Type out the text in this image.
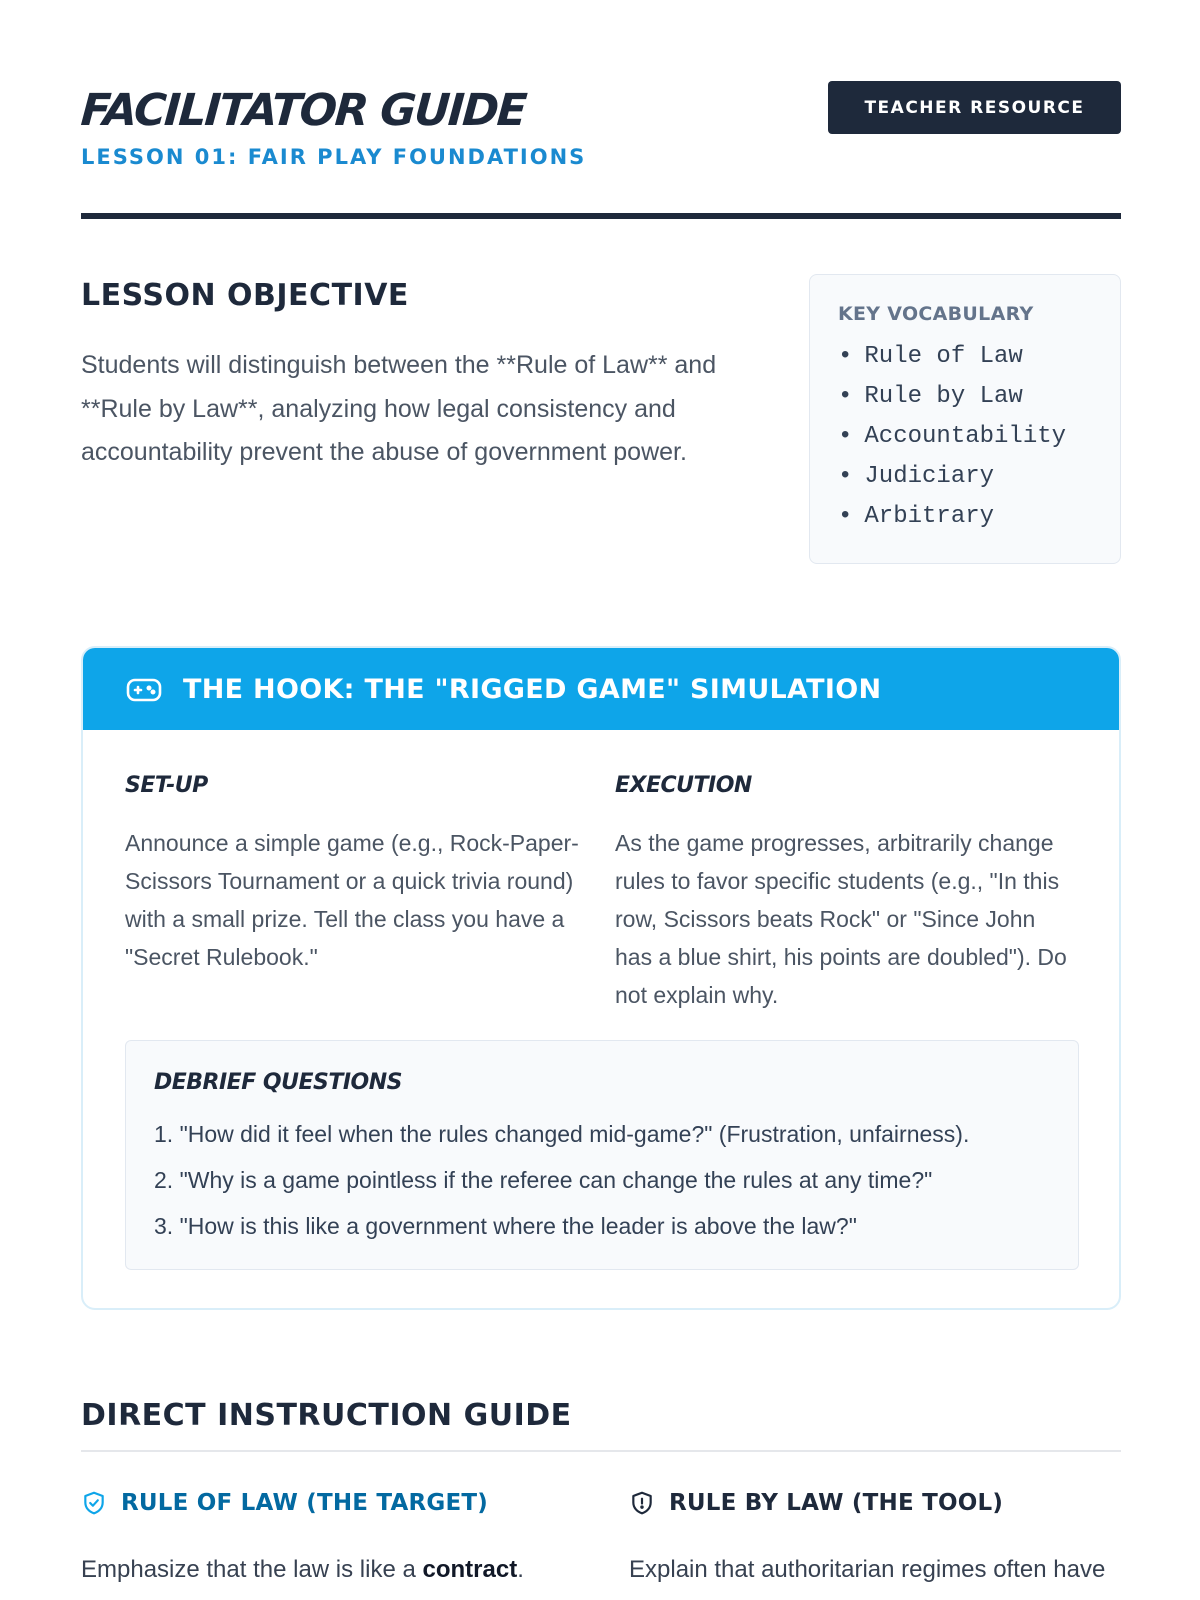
FACILITATOR GUIDE
LESSON 01: FAIR PLAY FOUNDATIONS
TEACHER RESOURCE
LESSON OBJECTIVE

Students will distinguish between the **Rule of Law** and **Rule by Law**, analyzing how legal consistency and accountability prevent the abuse of government power.

KEY VOCABULARY
• Rule of Law
• Rule by Law
• Accountability
• Judiciary
• Arbitrary
THE HOOK: THE "RIGGED GAME" SIMULATION
SET-UP

Announce a simple game (e.g., Rock-Paper-Scissors Tournament or a quick trivia round) with a small prize. Tell the class you have a "Secret Rulebook."

EXECUTION

As the game progresses, arbitrarily change rules to favor specific students (e.g., "In this row, Scissors beats Rock" or "Since John has a blue shirt, his points are doubled"). Do not explain why.

DEBRIEF QUESTIONS
1. "How did it feel when the rules changed mid-game?" (Frustration, unfairness).
2. "Why is a game pointless if the referee can change the rules at any time?"
3. "How is this like a government where the leader is above the law?"
DIRECT INSTRUCTION GUIDE
RULE OF LAW (THE TARGET)	RULE BY LAW (THE TOOL)
Emphasize that the law is like a contract.	Explain that authoritarian regimes often have
